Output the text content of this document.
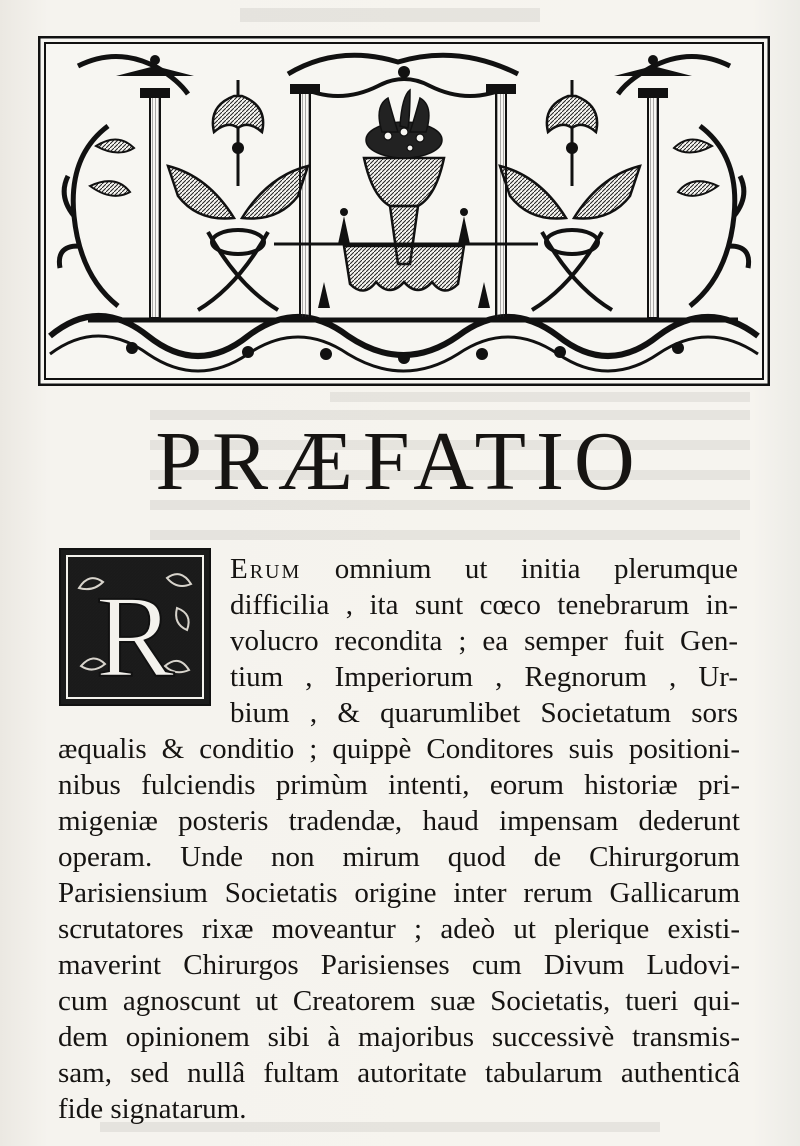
PRÆFATIO
R
Erum omnium ut initia plerumque
difficilia , ita sunt cœco tenebrarum in-
volucro recondita ; ea semper fuit Gen-
tium , Imperiorum , Regnorum , Ur-
bium , & quarumlibet Societatum sors
æqualis & conditio ; quippè Conditores suis positioni-
nibus fulciendis primùm intenti, eorum historiæ pri-
migeniæ posteris tradendæ, haud impensam dederunt
operam. Unde non mirum quod de Chirurgorum
Parisiensium Societatis origine inter rerum Gallicarum
scrutatores rixæ moveantur ; adeò ut plerique existi-
maverint Chirurgos Parisienses cum Divum Ludovi-
cum agnoscunt ut Creatorem suæ Societatis, tueri qui-
dem opinionem sibi à majoribus successivè transmis-
sam, sed nullâ fultam autoritate tabularum authenticâ
fide signatarum.
